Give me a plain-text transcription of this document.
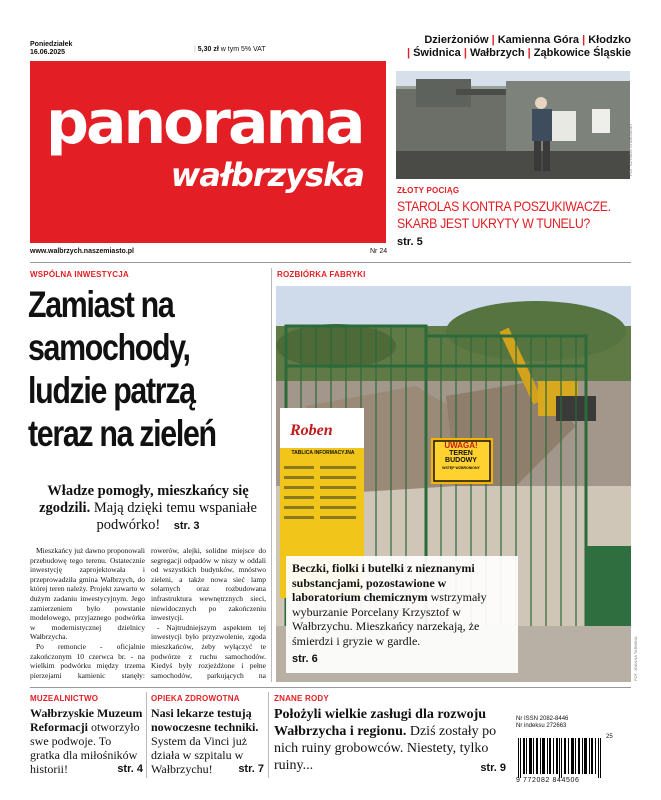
Poniedziałek
16.06.2025	| 5,30 zł w tym 5% VAT
Dzierżoniów | Kamienna Góra | Kłodzko
| Świdnica | Wałbrzych | Ząbkowice Śląskie
panorama
wałbrzyska
www.walbrzych.naszemiasto.pl	Nr 24
FOT. SZYMON STAROWSKI
ZŁOTY POCIĄG
STAROLAS KONTRA POSZUKIWACZE.
SKARB JEST UKRYTY W TUNELU?
str. 5
WSPÓLNA INWESTYCJA
Zamiast na
samochody,
ludzie patrzą
teraz na zieleń
Władze pomogły, mieszkańcy się zgodzili. Mają dzięki temu wspaniałe podwórko! str. 3
Mieszkańcy już dawno proponowali przebudowę tego terenu. Ostatecznie inwestycję zaprojektowała i przeprowadziła gmina Wałbrzych, do której teren należy. Projekt zawarto w dużym zadaniu inwestycyjnym. Jego zamierzeniem było powstanie modelowego, przyjaznego podwórka w modernistycznej dzielnicy Wałbrzycha.
Po remoncie - oficjalnie zakończonym 10 czerwca br. - na wielkim podwórku między trzema pierzejami kamienic stanęły:
rowerów, alejki, solidne miejsce do segregacji odpadów w niszy w oddali od wszystkich budynków, mnóstwo zieleni, a także nowa sieć lamp solarnych oraz rozbudowana infrastruktura wewnętrznych sieci, niewidocznych po zakończeniu inwestycji.
- Najtrudniejszym aspektem tej inwestycji było przyzwolenie, zgoda mieszkańców, żeby wyłączyć te podwórze z ruchu samochodów. Kiedyś były rozjeżdżone i pełne samochodów, parkujących na
ROZBIÓRKA FABRYKI
Roben
TABLICA INFORMACYJNA
UWAGA!
TEREN BUDOWY
WSTĘP WZBRONIONY
Beczki, fiolki i butelki z nieznanymi substancjami, pozostawione w laboratorium chemicznym wstrzymały wyburzanie Porcelany Krzysztof w Wałbrzychu. Mieszkańcy narzekają, że śmierdzi i gryzie w gardle.
str. 6	FOT. JOANNA TARMINA
MUZEALNICTWO
Wałbrzyskie Muzeum Reformacji otworzyło swe podwoje. To gratka dla miłośników historii!	str. 4
OPIEKA ZDROWOTNA
Nasi lekarze testują nowoczesne techniki. System da Vinci już działa w szpitalu w Wałbrzychu! str. 7
ZNANE RODY
Położyli wielkie zasługi dla rozwoju Wałbrzycha i regionu. Dziś zostały po nich ruiny grobowców. Niestety, tylko ruiny...	str. 9
Nr ISSN 2082-8446
Nr indeksu 272663
25
9 772082 844506
